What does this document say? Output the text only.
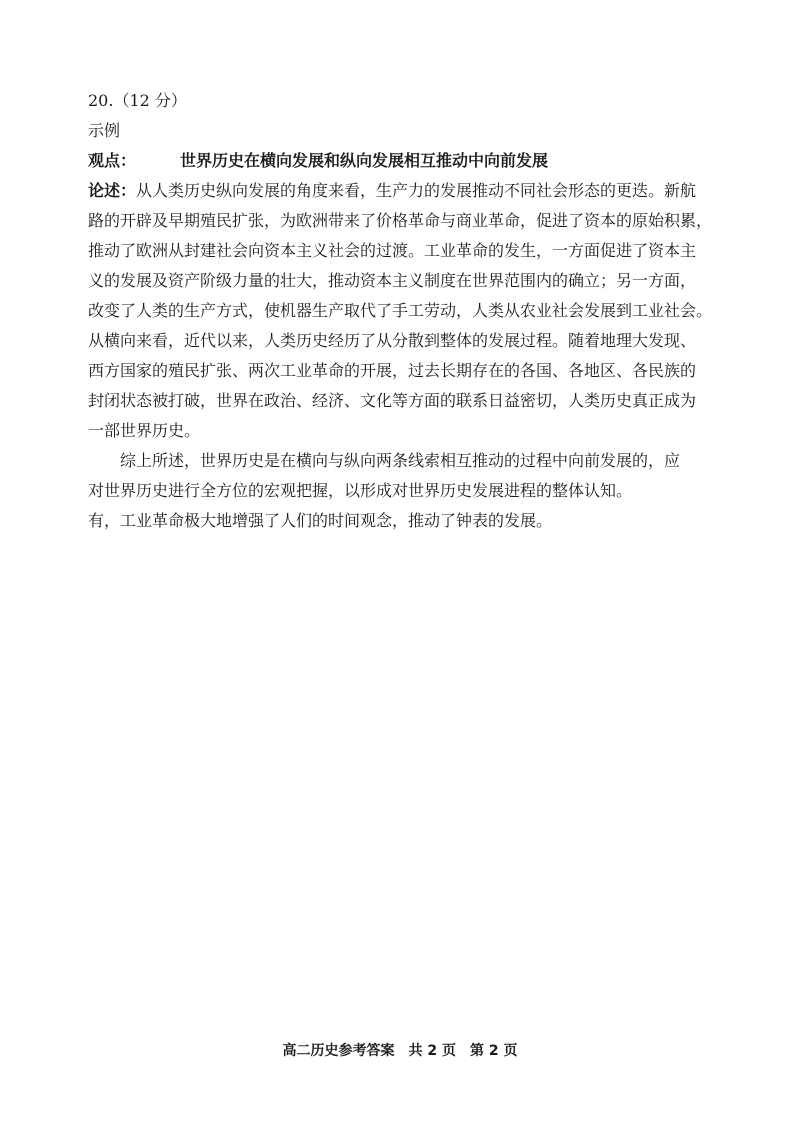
20.（12 分）
示例
观点：	世界历史在横向发展和纵向发展相互推动中向前发展
论述：从人类历史纵向发展的角度来看，生产力的发展推动不同社会形态的更迭。新航
路的开辟及早期殖民扩张，为欧洲带来了价格革命与商业革命，促进了资本的原始积累，
推动了欧洲从封建社会向资本主义社会的过渡。工业革命的发生，一方面促进了资本主
义的发展及资产阶级力量的壮大，推动资本主义制度在世界范围内的确立；另一方面，
改变了人类的生产方式，使机器生产取代了手工劳动，人类从农业社会发展到工业社会。
从横向来看，近代以来，人类历史经历了从分散到整体的发展过程。随着地理大发现、
西方国家的殖民扩张、两次工业革命的开展，过去长期存在的各国、各地区、各民族的
封闭状态被打破，世界在政治、经济、文化等方面的联系日益密切，人类历史真正成为
一部世界历史。
综上所述，世界历史是在横向与纵向两条线索相互推动的过程中向前发展的，应
对世界历史进行全方位的宏观把握，以形成对世界历史发展进程的整体认知。
有，工业革命极大地增强了人们的时间观念，推动了钟表的发展。
高二历史参考答案　共 2 页　第 2 页
